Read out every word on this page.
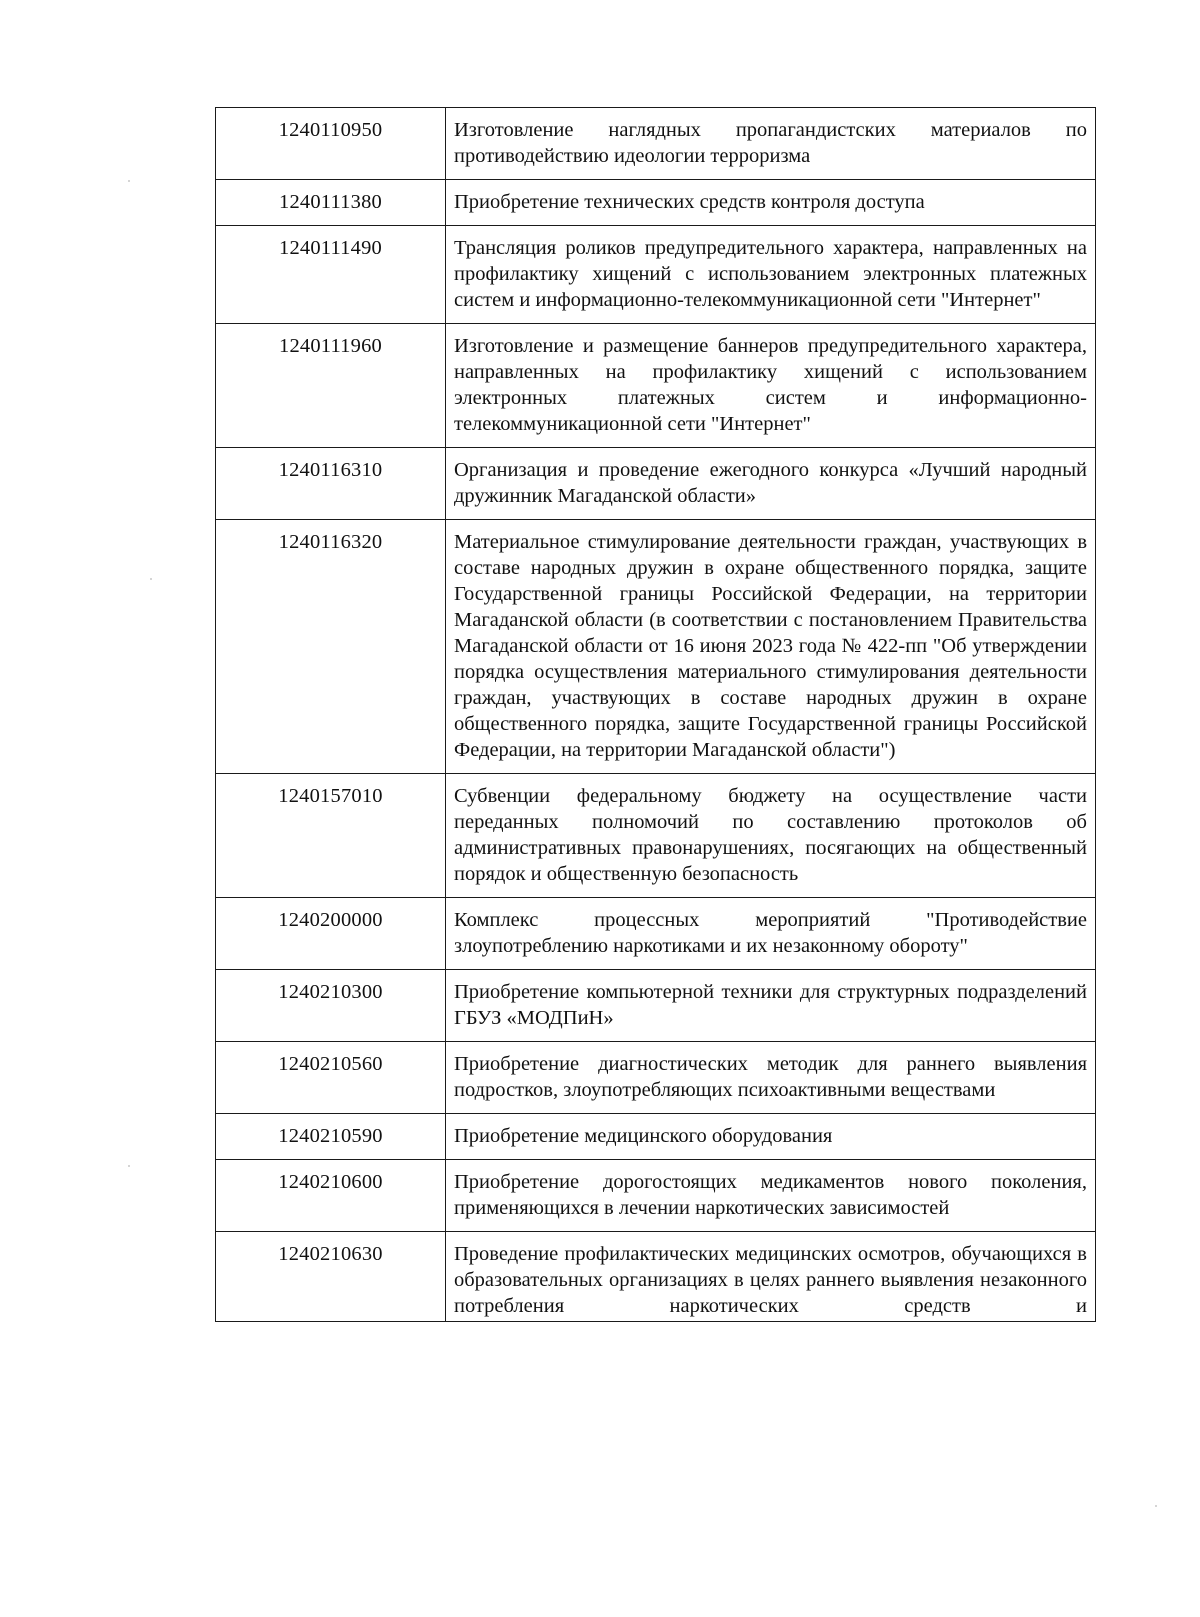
1240110950	Изготовление наглядных пропагандистских материалов по противодействию идеологии терроризма
1240111380	Приобретение технических средств контроля доступа
1240111490	Трансляция роликов предупредительного характера, направленных на профилактику хищений с использованием электронных платежных систем и информационно-телекоммуникационной сети "Интернет"
1240111960	Изготовление и размещение баннеров предупредительного характера, направленных на профилактику хищений с использованием электронных платежных систем и информационно-телекоммуникационной сети "Интернет"
1240116310	Организация и проведение ежегодного конкурса «Лучший народный дружинник Магаданской области»
1240116320	Материальное стимулирование деятельности граждан, участвующих в составе народных дружин в охране общественного порядка, защите Государственной границы Российской Федерации, на территории Магаданской области (в соответствии с постановлением Правительства Магаданской области от 16 июня 2023 года № 422-пп "Об утверждении порядка осуществления материального стимулирования деятельности граждан, участвующих в составе народных дружин в охране общественного порядка, защите Государственной границы Российской Федерации, на территории Магаданской области")
1240157010	Субвенции федеральному бюджету на осуществление части переданных полномочий по составлению протоколов об административных правонарушениях, посягающих на общественный порядок и общественную безопасность
1240200000	Комплекс процессных мероприятий "Противодействие злоупотреблению наркотиками и их незаконному обороту"
1240210300	Приобретение компьютерной техники для структурных подразделений ГБУЗ «МОДПиН»
1240210560	Приобретение диагностических методик для раннего выявления подростков, злоупотребляющих психоактивными веществами
1240210590	Приобретение медицинского оборудования
1240210600	Приобретение дорогостоящих медикаментов нового поколения, применяющихся в лечении наркотических зависимостей
1240210630	Проведение профилактических медицинских осмотров, обучающихся в образовательных организациях в целях раннего выявления незаконного потребления наркотических средств и
